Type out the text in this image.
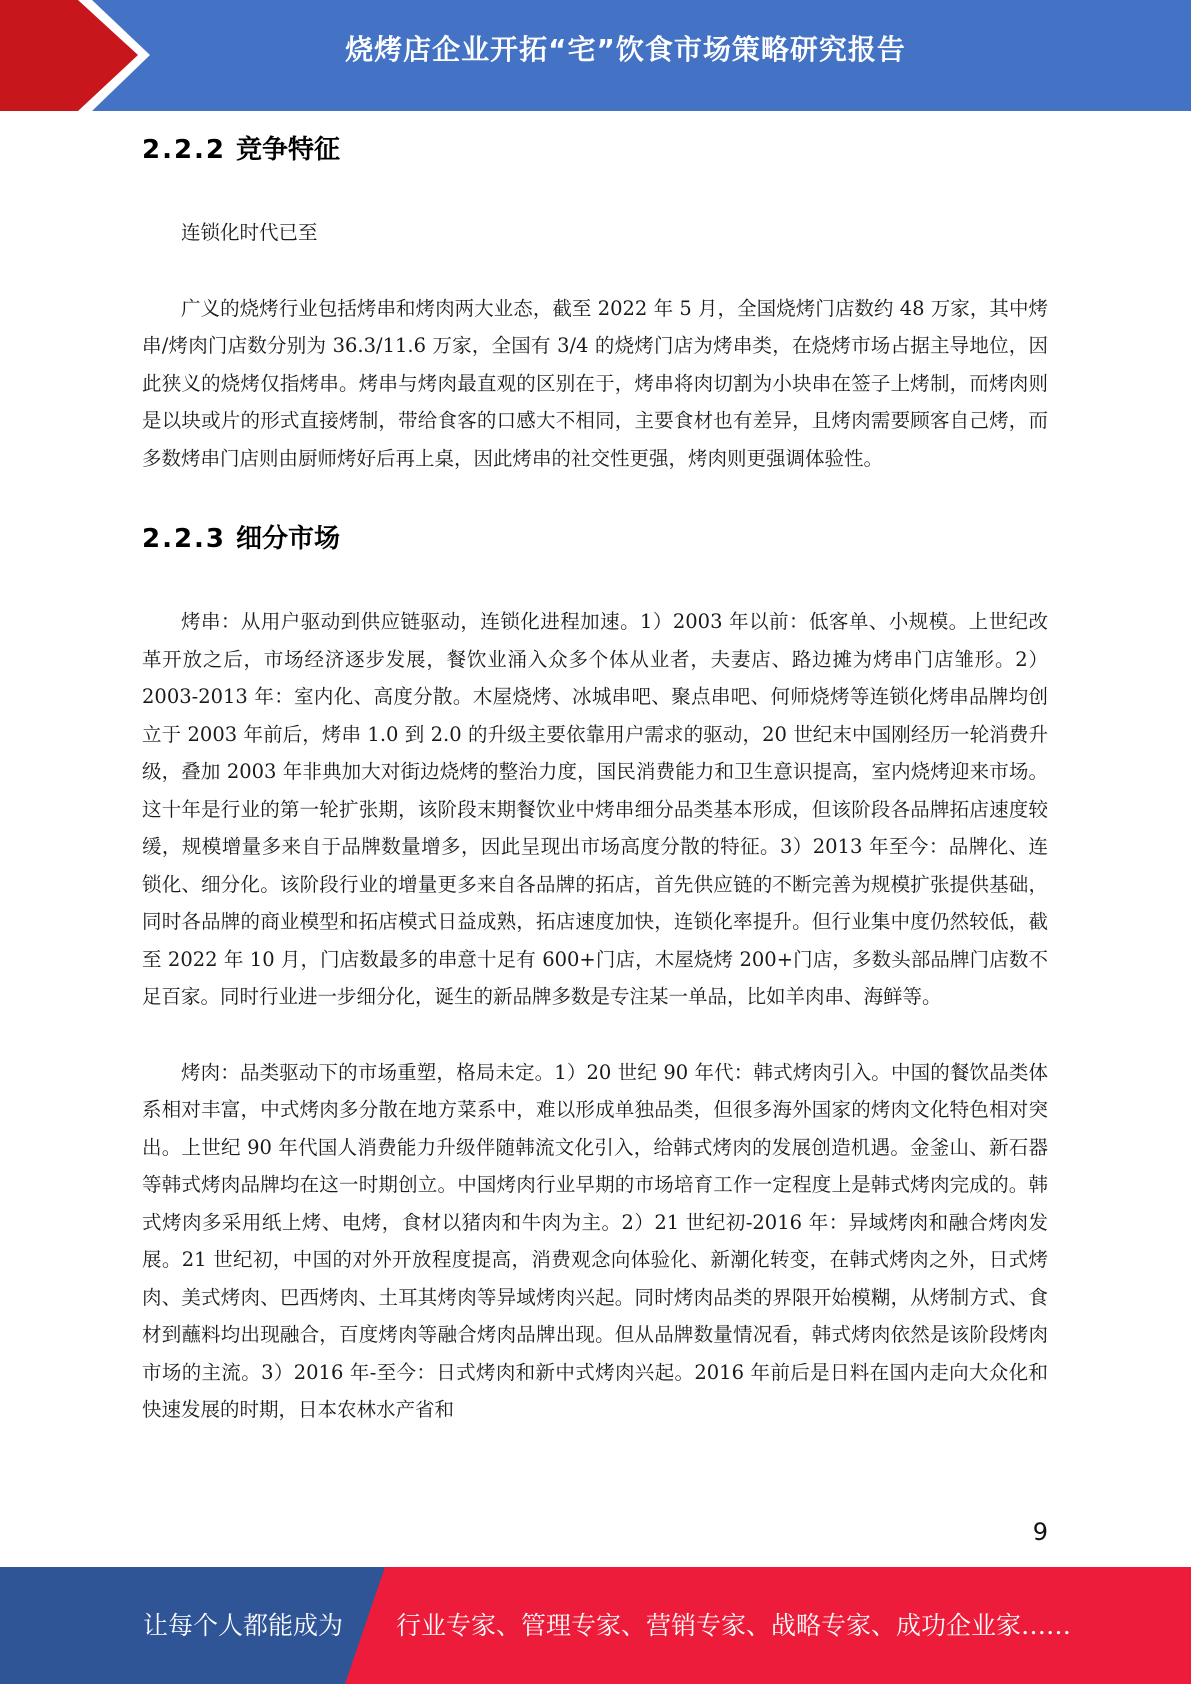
烧烤店企业开拓“宅”饮食市场策略研究报告
2.2.2 竞争特征

连锁化时代已至

广义的烧烤行业包括烤串和烤肉两大业态，截至 2022 年 5 月，全国烧烤门店数约 48 万家，其中烤串/烤肉门店数分别为 36.3/11.6 万家，全国有 3/4 的烧烤门店为烤串类，在烧烤市场占据主导地位，因此狭义的烧烤仅指烤串。烤串与烤肉最直观的区别在于，烤串将肉切割为小块串在签子上烤制，而烤肉则是以块或片的形式直接烤制，带给食客的口感大不相同，主要食材也有差异，且烤肉需要顾客自己烤，而多数烤串门店则由厨师烤好后再上桌，因此烤串的社交性更强，烤肉则更强调体验性。

2.2.3 细分市场

烤串：从用户驱动到供应链驱动，连锁化进程加速。1）2003 年以前：低客单、小规模。上世纪改革开放之后，市场经济逐步发展，餐饮业涌入众多个体从业者，夫妻店、路边摊为烤串门店雏形。2）2003-2013 年：室内化、高度分散。木屋烧烤、冰城串吧、聚点串吧、何师烧烤等连锁化烤串品牌均创立于 2003 年前后，烤串 1.0 到 2.0 的升级主要依靠用户需求的驱动，20 世纪末中国刚经历一轮消费升级，叠加 2003 年非典加大对街边烧烤的整治力度，国民消费能力和卫生意识提高，室内烧烤迎来市场。这十年是行业的第一轮扩张期，该阶段末期餐饮业中烤串细分品类基本形成，但该阶段各品牌拓店速度较缓，规模增量多来自于品牌数量增多，因此呈现出市场高度分散的特征。3）2013 年至今：品牌化、连锁化、细分化。该阶段行业的增量更多来自各品牌的拓店，首先供应链的不断完善为规模扩张提供基础，同时各品牌的商业模型和拓店模式日益成熟，拓店速度加快，连锁化率提升。但行业集中度仍然较低，截至 2022 年 10 月，门店数最多的串意十足有 600+门店，木屋烧烤 200+门店，多数头部品牌门店数不足百家。同时行业进一步细分化，诞生的新品牌多数是专注某一单品，比如羊肉串、海鲜等。

烤肉：品类驱动下的市场重塑，格局未定。1）20 世纪 90 年代：韩式烤肉引入。中国的餐饮品类体系相对丰富，中式烤肉多分散在地方菜系中，难以形成单独品类，但很多海外国家的烤肉文化特色相对突出。上世纪 90 年代国人消费能力升级伴随韩流文化引入，给韩式烤肉的发展创造机遇。金釜山、新石器等韩式烤肉品牌均在这一时期创立。中国烤肉行业早期的市场培育工作一定程度上是韩式烤肉完成的。韩式烤肉多采用纸上烤、电烤，食材以猪肉和牛肉为主。2）21 世纪初-2016 年：异域烤肉和融合烤肉发展。21 世纪初，中国的对外开放程度提高，消费观念向体验化、新潮化转变，在韩式烤肉之外，日式烤肉、美式烤肉、巴西烤肉、土耳其烤肉等异域烤肉兴起。同时烤肉品类的界限开始模糊，从烤制方式、食材到蘸料均出现融合，百度烤肉等融合烤肉品牌出现。但从品牌数量情况看，韩式烤肉依然是该阶段烤肉市场的主流。3）2016 年-至今：日式烤肉和新中式烤肉兴起。2016 年前后是日料在国内走向大众化和快速发展的时期，日本农林水产省和

9
让每个人都能成为 行业专家、管理专家、营销专家、战略专家、成功企业家……
